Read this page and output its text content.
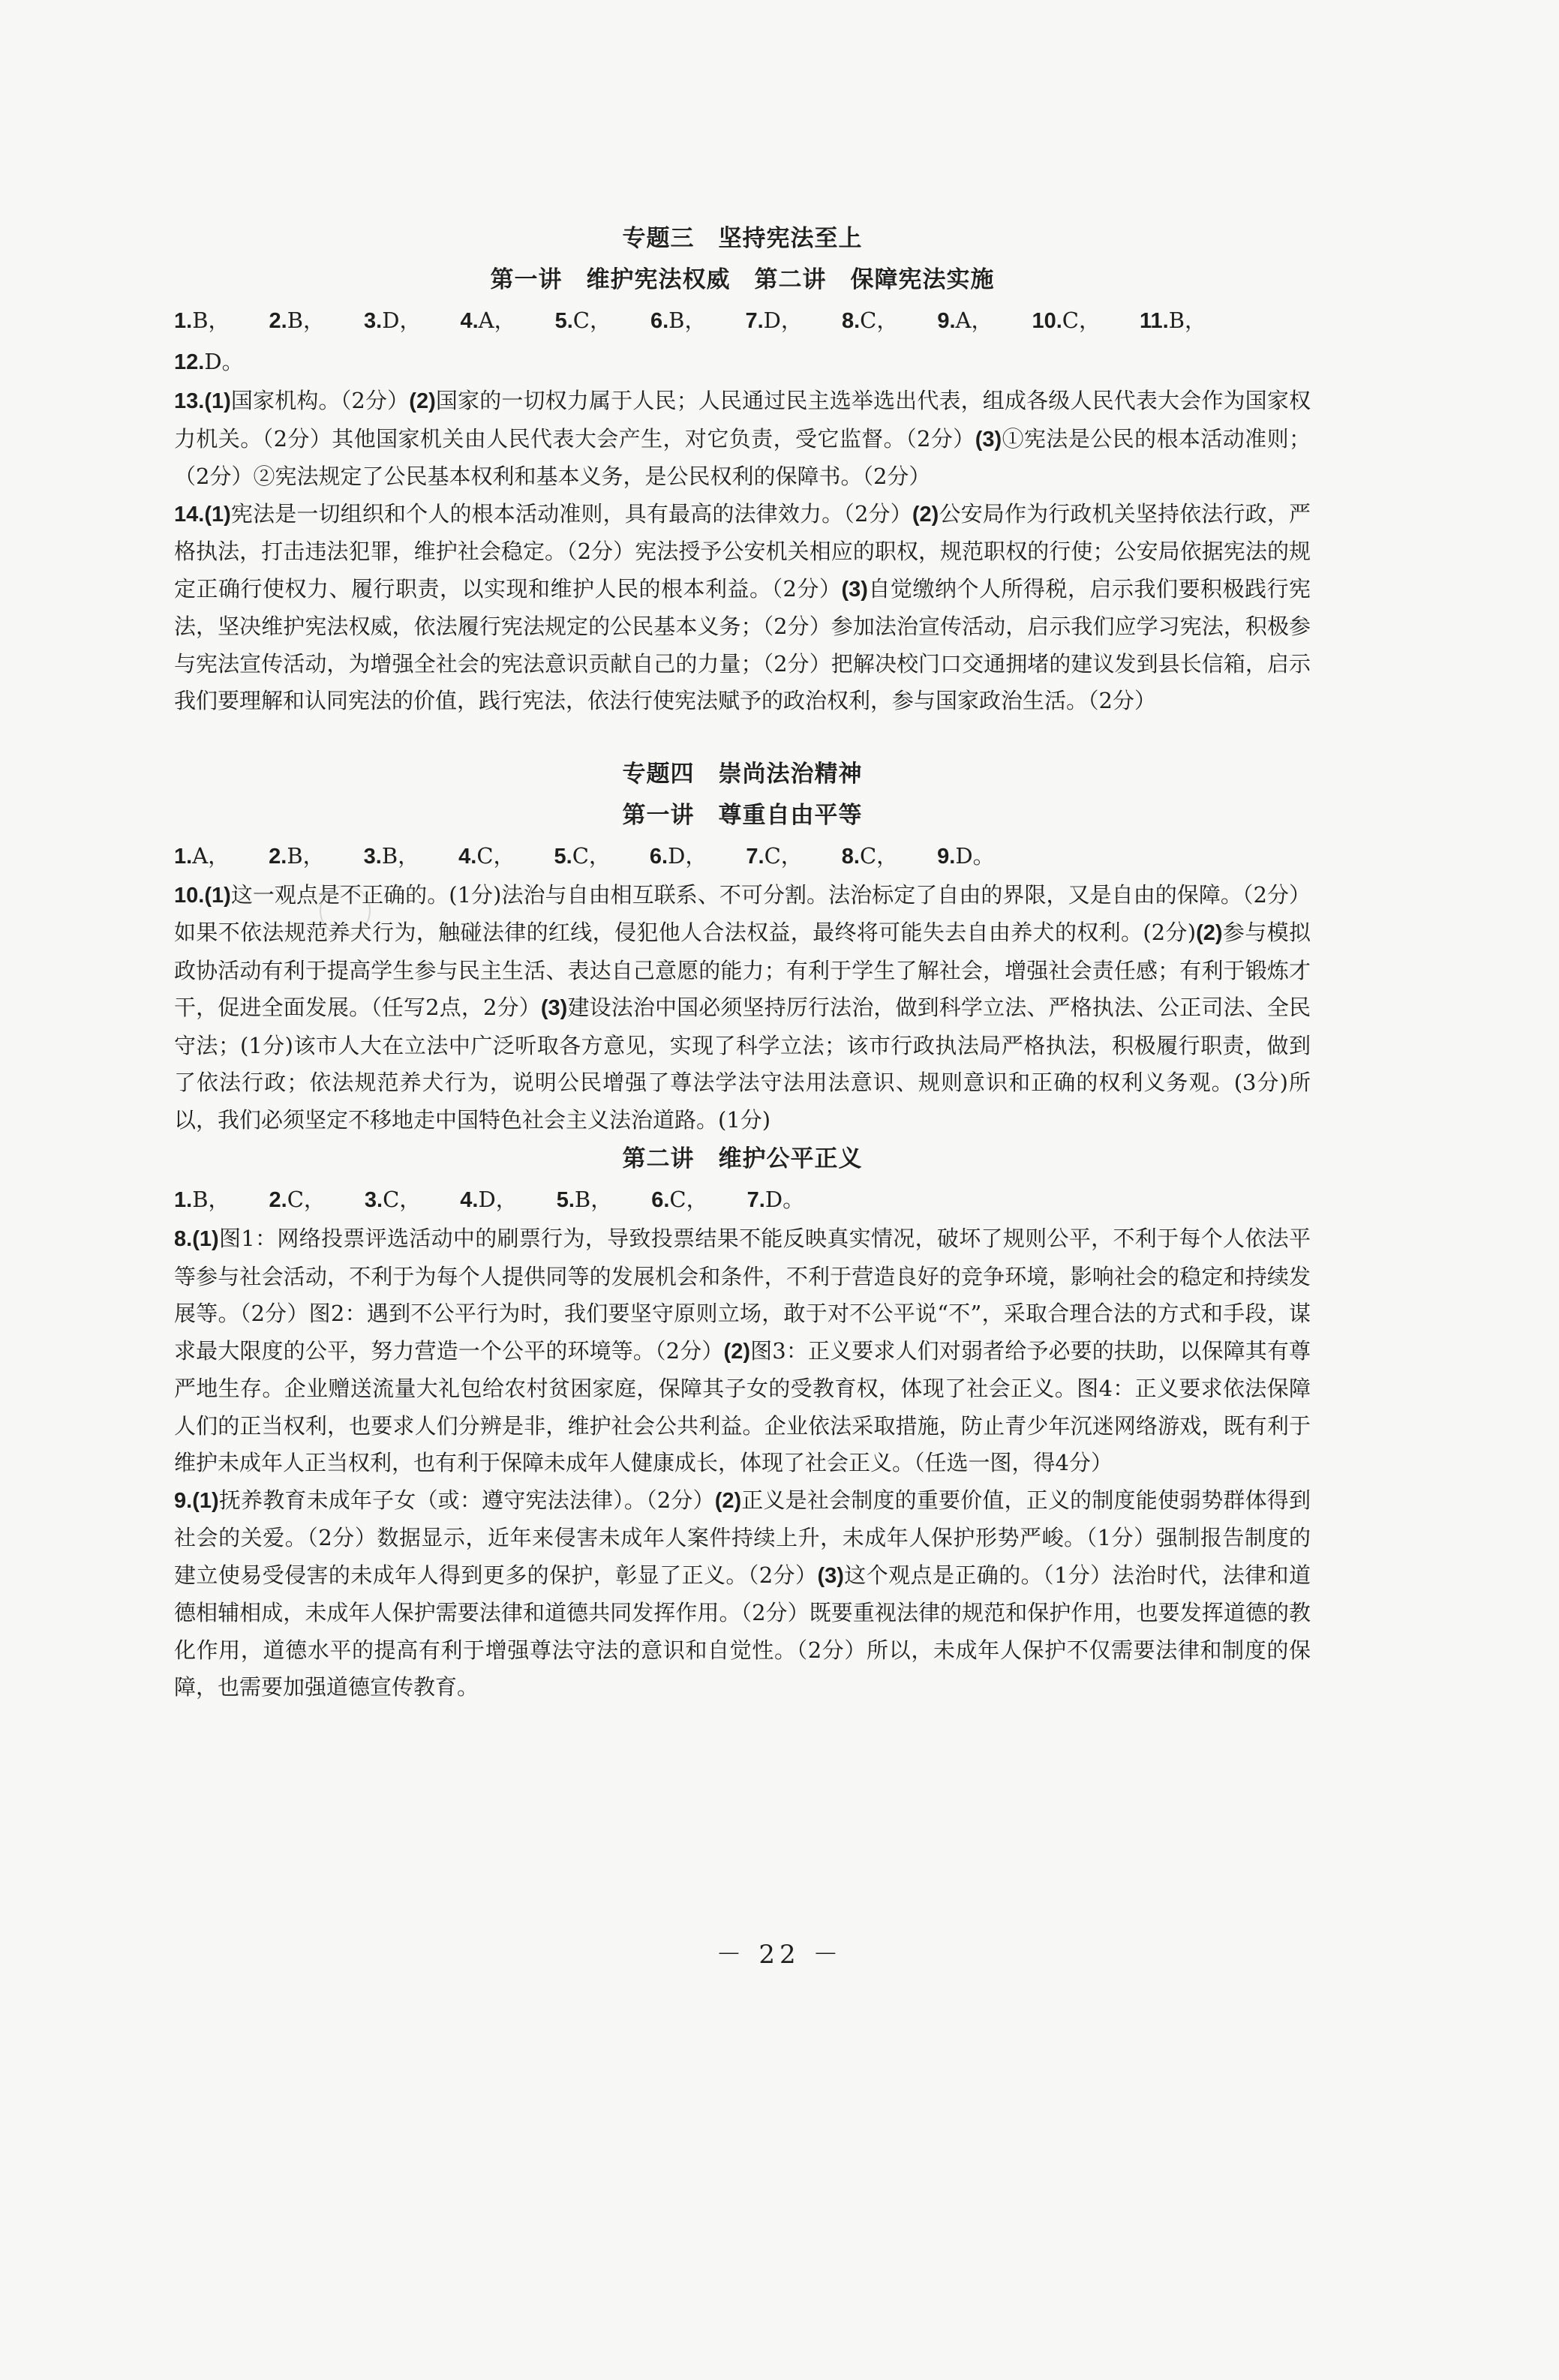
专题三　坚持宪法至上
第一讲　维护宪法权威　第二讲　保障宪法实施
1.B， 2.B， 3.D， 4.A， 5.C， 6.B， 7.D， 8.C， 9.A， 10.C， 11.B，
12.D。

13.(1)国家机构。（2分）(2)国家的一切权力属于人民；人民通过民主选举选出代表，组成各级人民代表大会作为国家权力机关。（2分）其他国家机关由人民代表大会产生，对它负责，受它监督。（2分）(3)①宪法是公民的根本活动准则；（2分）②宪法规定了公民基本权利和基本义务，是公民权利的保障书。（2分）

14.(1)宪法是一切组织和个人的根本活动准则，具有最高的法律效力。（2分）(2)公安局作为行政机关坚持依法行政，严格执法，打击违法犯罪，维护社会稳定。（2分）宪法授予公安机关相应的职权，规范职权的行使；公安局依据宪法的规定正确行使权力、履行职责，以实现和维护人民的根本利益。（2分）(3)自觉缴纳个人所得税，启示我们要积极践行宪法，坚决维护宪法权威，依法履行宪法规定的公民基本义务；（2分）参加法治宣传活动，启示我们应学习宪法，积极参与宪法宣传活动，为增强全社会的宪法意识贡献自己的力量；（2分）把解决校门口交通拥堵的建议发到县长信箱，启示我们要理解和认同宪法的价值，践行宪法，依法行使宪法赋予的政治权利，参与国家政治生活。（2分）

专题四　崇尚法治精神
第一讲　尊重自由平等
1.A， 2.B， 3.B， 4.C， 5.C， 6.D， 7.C， 8.C， 9.D。

10.(1)这一观点是不正确的。(1分)法治与自由相互联系、不可分割。法治标定了自由的界限，又是自由的保障。（2分）如果不依法规范养犬行为，触碰法律的红线，侵犯他人合法权益，最终将可能失去自由养犬的权利。(2分)(2)参与模拟政协活动有利于提高学生参与民主生活、表达自己意愿的能力；有利于学生了解社会，增强社会责任感；有利于锻炼才干，促进全面发展。（任写2点，2分）(3)建设法治中国必须坚持厉行法治，做到科学立法、严格执法、公正司法、全民守法；(1分)该市人大在立法中广泛听取各方意见，实现了科学立法；该市行政执法局严格执法，积极履行职责，做到了依法行政；依法规范养犬行为，说明公民增强了尊法学法守法用法意识、规则意识和正确的权利义务观。(3分)所以，我们必须坚定不移地走中国特色社会主义法治道路。(1分)

第二讲　维护公平正义
1.B， 2.C， 3.C， 4.D， 5.B， 6.C， 7.D。

8.(1)图1：网络投票评选活动中的刷票行为，导致投票结果不能反映真实情况，破坏了规则公平，不利于每个人依法平等参与社会活动，不利于为每个人提供同等的发展机会和条件，不利于营造良好的竞争环境，影响社会的稳定和持续发展等。（2分）图2：遇到不公平行为时，我们要坚守原则立场，敢于对不公平说“不”，采取合理合法的方式和手段，谋求最大限度的公平，努力营造一个公平的环境等。（2分）(2)图3：正义要求人们对弱者给予必要的扶助，以保障其有尊严地生存。企业赠送流量大礼包给农村贫困家庭，保障其子女的受教育权，体现了社会正义。图4：正义要求依法保障人们的正当权利，也要求人们分辨是非，维护社会公共利益。企业依法采取措施，防止青少年沉迷网络游戏，既有利于维护未成年人正当权利，也有利于保障未成年人健康成长，体现了社会正义。（任选一图，得4分）

9.(1)抚养教育未成年子女（或：遵守宪法法律）。（2分）(2)正义是社会制度的重要价值，正义的制度能使弱势群体得到社会的关爱。（2分）数据显示，近年来侵害未成年人案件持续上升，未成年人保护形势严峻。（1分）强制报告制度的建立使易受侵害的未成年人得到更多的保护，彰显了正义。（2分）(3)这个观点是正确的。（1分）法治时代，法律和道德相辅相成，未成年人保护需要法律和道德共同发挥作用。（2分）既要重视法律的规范和保护作用，也要发挥道德的教化作用，道德水平的提高有利于增强尊法守法的意识和自觉性。（2分）所以，未成年人保护不仅需要法律和制度的保障，也需要加强道德宣传教育。

－ 22 －
